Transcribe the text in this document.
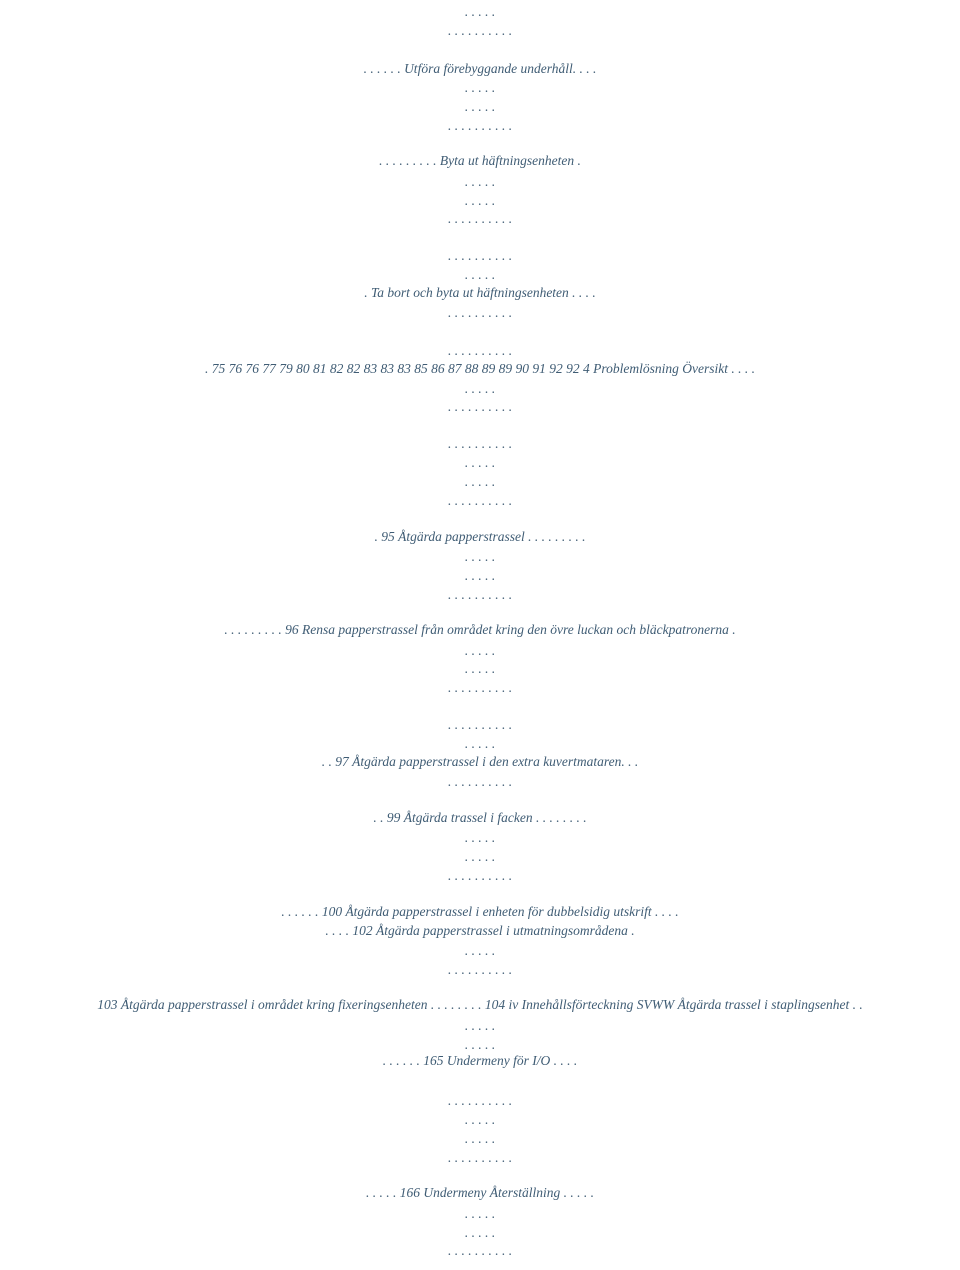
. . . . .
. . . . . . . . . .
. . . . . . Utföra förebyggande underhåll. . . .
. . . . .
. . . . .
. . . . . . . . . .
. . . . . . . . . Byta ut häftningsenheten .
. . . . .
. . . . .
. . . . . . . . . .
. . . . . . . . . .
. . . . .
. Ta bort och byta ut häftningsenheten . . . .
. . . . . . . . . .
. . . . . . . . . .
. 75 76 76 77 79 80 81 82 82 83 83 83 85 86 87 88 89 89 90 91 92 92 4 Problemlösning Översikt . . . .
. . . . .
. . . . . . . . . .
. . . . . . . . . .
. . . . .
. . . . .
. . . . . . . . . .
. 95 Åtgärda papperstrassel . . . . . . . . .
. . . . .
. . . . .
. . . . . . . . . .
. . . . . . . . . 96 Rensa papperstrassel från området kring den övre luckan och bläckpatronerna .
. . . . .
. . . . .
. . . . . . . . . .
. . . . . . . . . .
. . . . .
. . 97 Åtgärda papperstrassel i den extra kuvertmataren. . .
. . . . . . . . . .
. . 99 Åtgärda trassel i facken . . . . . . . .
. . . . .
. . . . .
. . . . . . . . . .
. . . . . . 100 Åtgärda papperstrassel i enheten för dubbelsidig utskrift . . . .
. . . . 102 Åtgärda papperstrassel i utmatningsområdena .
. . . . .
. . . . . . . . . .
103 Åtgärda papperstrassel i området kring fixeringsenheten . . . . . . . . 104 iv Innehållsförteckning SVWW Åtgärda trassel i staplingsenhet . .
. . . . .
. . . . .
. . . . . . 165 Undermeny för I/O . . . .
. . . . . . . . . .
. . . . .
. . . . .
. . . . . . . . . .
. . . . . 166 Undermeny Återställning . . . . .
. . . . .
. . . . .
. . . . . . . . . .
